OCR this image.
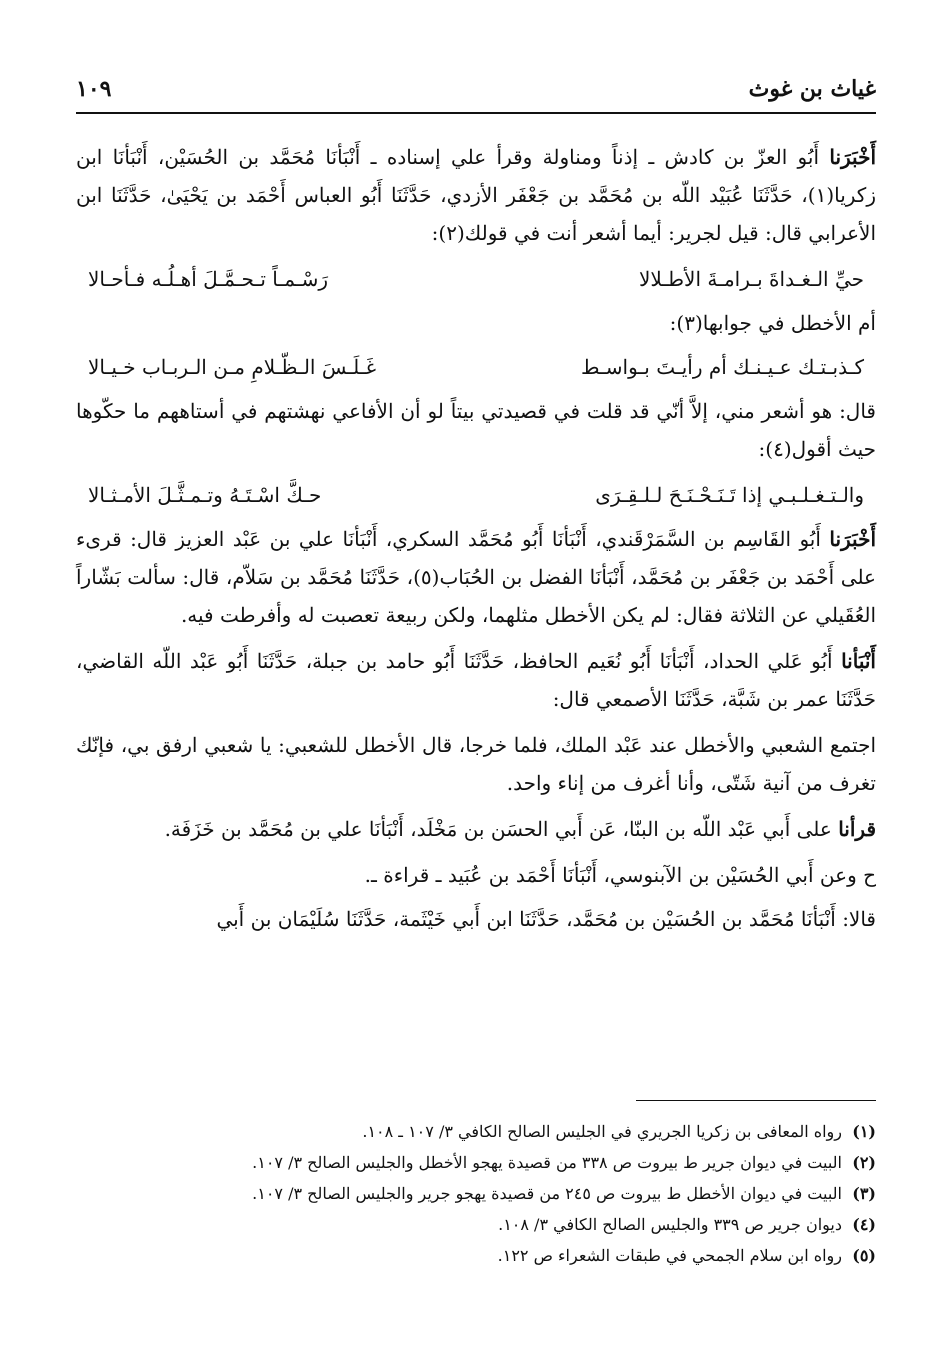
غياث بن غوث
١٠٩

أَخْبَرَنا أَبُو العزّ بن كادش ـ إذناً ومناولة وقرأ علي إسناده ـ أَنْبَأنَا مُحَمَّد بن الحُسَيْن، أَنْبَأنَا ابن زكريا(١)، حَدَّثَنَا عُبَيْد اللّه بن مُحَمَّد بن جَعْفَر الأزدي، حَدَّثَنَا أَبُو العباس أَحْمَد بن يَحْيَىٰ، حَدَّثَنَا ابن الأعرابي قال: قيل لجرير: أيما أشعر أنت في قولك(٢):

حيِّ الـغـداةَ بـرامـةَ الأطـلالا
رَسْـمـاً تـحـمَّـلَ أهـلُـه فـأحـالا

أم الأخطل في جوابها(٣):

كـذبـتـك عـيـنـك أم رأيـتَ بـواسـط
غَـلَـسَ الـظّـلامِ مـن الـربـاب خـيـالا

قال: هو أشعر مني، إلاَّ أنّي قد قلت في قصيدتي بيتاً لو أن الأفاعي نهشتهم في أستاههم ما حكّوها حيث أقول(٤):

والـتـغـلـبـي إذا تَـنَـحْـنَـحَ لـلـقِـرَى
حـكَّ اسْـتَـهُ وتـمـثَّـلَ الأمـثـالا

أَخْبَرَنا أَبُو القَاسِم بن السَّمَرْقَندي، أَنْبَأنَا أَبُو مُحَمَّد السكري، أَنْبَأنَا علي بن عَبْد العزيز قال: قرىء على أَحْمَد بن جَعْفَر بن مُحَمَّد، أَنْبَأنَا الفضل بن الحُبَاب(٥)، حَدَّثَنَا مُحَمَّد بن سَلاّم، قال: سألت بَشّاراً العُقَيلي عن الثلاثة فقال: لم يكن الأخطل مثلهما، ولكن ربيعة تعصبت له وأفرطت فيه.

أَنْبَأنا أَبُو عَلي الحداد، أَنْبَأنَا أَبُو نُعَيم الحافظ، حَدَّثَنَا أَبُو حامد بن جبلة، حَدَّثَنَا أَبُو عَبْد اللّه القاضي، حَدَّثَنَا عمر بن شَبَّة، حَدَّثَنَا الأصمعي قال:

اجتمع الشعبي والأخطل عند عَبْد الملك، فلما خرجا، قال الأخطل للشعبي: يا شعبي ارفق بي، فإنّك تغرف من آنية شَتّى، وأنا أغرف من إناء واحد.

قرأنا على أَبي عَبْد اللّه بن البنّا، عَن أَبي الحسَن بن مَخْلَد، أَنْبَأنَا علي بن مُحَمَّد بن خَزَفَة.

ح وعن أَبي الحُسَيْن بن الآبنوسي، أَنْبَأنَا أَحْمَد بن عُبَيد ـ قراءة ـ.

قالا: أَنْبَأنَا مُحَمَّد بن الحُسَيْن بن مُحَمَّد، حَدَّثَنَا ابن أَبي خَيْثَمة، حَدَّثَنَا سُلَيْمَان بن أَبي

(١)رواه المعافى بن زكريا الجريري في الجليس الصالح الكافي ٣/ ١٠٧ ـ ١٠٨.
(٢)البيت في ديوان جرير ط بيروت ص ٣٣٨ من قصيدة يهجو الأخطل والجليس الصالح ٣/ ١٠٧.
(٣)البيت في ديوان الأخطل ط بيروت ص ٢٤٥ من قصيدة يهجو جرير والجليس الصالح ٣/ ١٠٧.
(٤)ديوان جرير ص ٣٣٩ والجليس الصالح الكافي ٣/ ١٠٨.
(٥)رواه ابن سلام الجمحي في طبقات الشعراء ص ١٢٢.
